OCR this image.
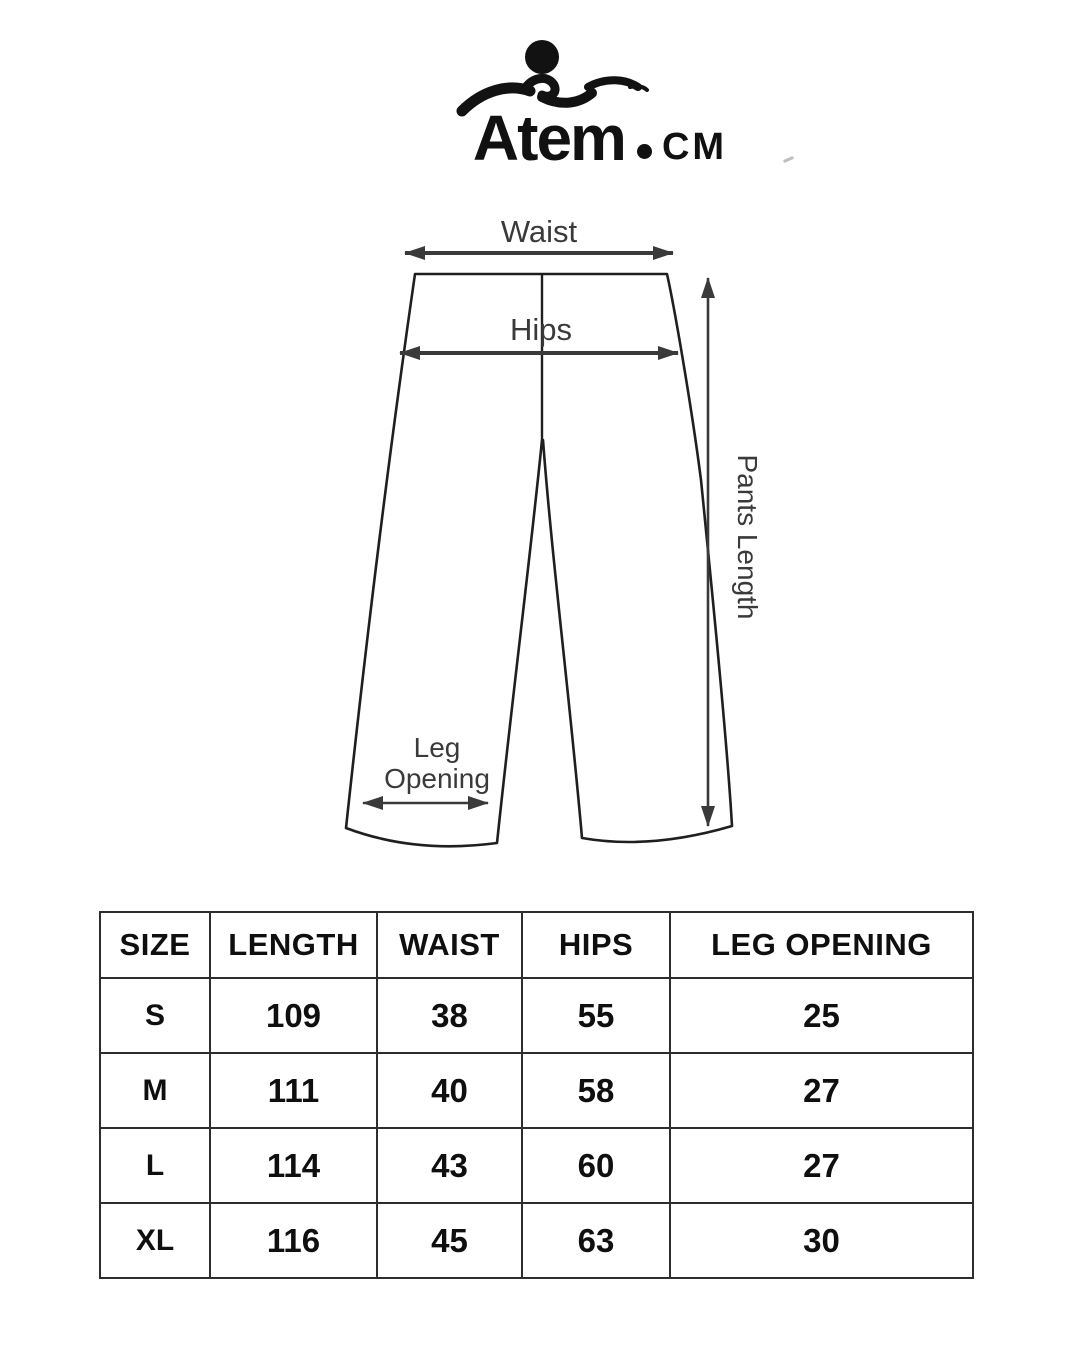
Atem CM
Waist
Hips
Leg
Opening
Pants Length
SIZE	LENGTH	WAIST	HIPS	LEG OPENING
S	109	38	55	25
M	111	40	58	27
L	114	43	60	27
XL	116	45	63	30
